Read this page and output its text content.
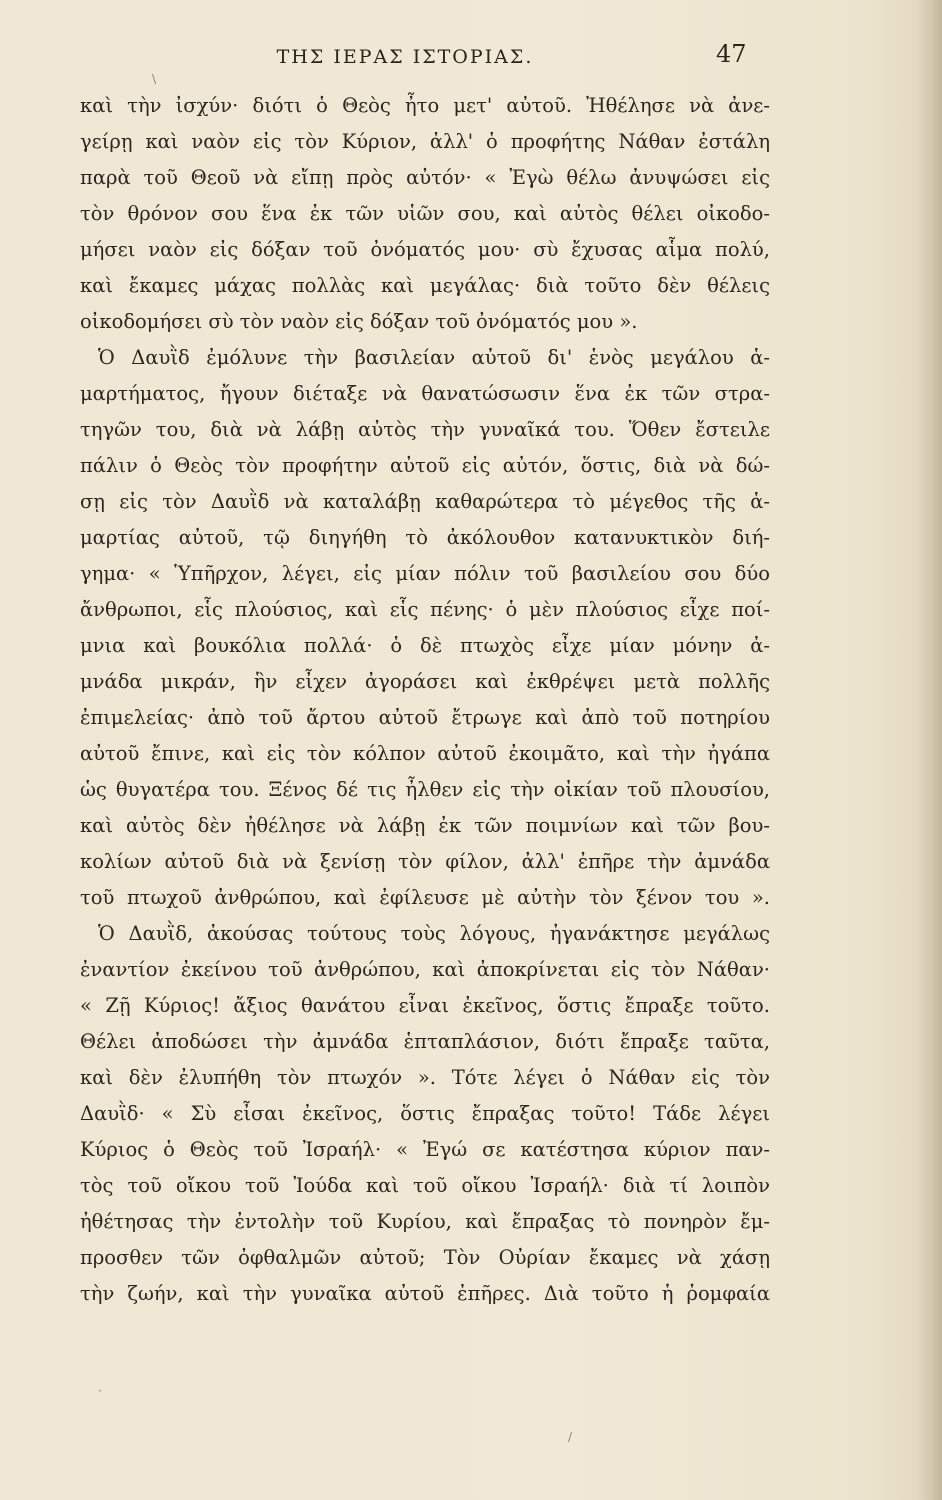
ΤΗΣ ΙΕΡΑΣ ΙΣΤΟΡΙΑΣ.	47
καὶ τὴν ἰσχύν· διότι ὁ Θεὸς ἦτο μετ' αὐτοῦ. Ἠθέλησε νὰ ἀνε-
γείρῃ καὶ ναὸν εἰς τὸν Κύριον, ἀλλ' ὁ προφήτης Νάθαν ἐστάλη
παρὰ τοῦ Θεοῦ νὰ εἴπῃ πρὸς αὐτόν· « Ἐγὼ θέλω ἀνυψώσει εἰς
τὸν θρόνον σου ἕνα ἐκ τῶν υἱῶν σου, καὶ αὐτὸς θέλει οἰκοδο-
μήσει ναὸν εἰς δόξαν τοῦ ὀνόματός μου· σὺ ἔχυσας αἷμα πολύ,
καὶ ἔκαμες μάχας πολλὰς καὶ μεγάλας· διὰ τοῦτο δὲν θέλεις
οἰκοδομήσει σὺ τὸν ναὸν εἰς δόξαν τοῦ ὀνόματός μου ».
Ὁ Δαυῒδ ἐμόλυνε τὴν βασιλείαν αὐτοῦ δι' ἑνὸς μεγάλου ἁ-
μαρτήματος, ἤγουν διέταξε νὰ θανατώσωσιν ἕνα ἐκ τῶν στρα-
τηγῶν του, διὰ νὰ λάβῃ αὐτὸς τὴν γυναῖκά του. Ὅθεν ἔστειλε
πάλιν ὁ Θεὸς τὸν προφήτην αὐτοῦ εἰς αὐτόν, ὅστις, διὰ νὰ δώ-
σῃ εἰς τὸν Δαυῒδ νὰ καταλάβῃ καθαρώτερα τὸ μέγεθος τῆς ἁ-
μαρτίας αὐτοῦ, τῷ διηγήθη τὸ ἀκόλουθον κατανυκτικὸν διή-
γημα· « Ὑπῆρχον, λέγει, εἰς μίαν πόλιν τοῦ βασιλείου σου δύο
ἄνθρωποι, εἷς πλούσιος, καὶ εἷς πένης· ὁ μὲν πλούσιος εἶχε ποί-
μνια καὶ βουκόλια πολλά· ὁ δὲ πτωχὸς εἶχε μίαν μόνην ἀ-
μνάδα μικράν, ἣν εἶχεν ἀγοράσει καὶ ἐκθρέψει μετὰ πολλῆς
ἐπιμελείας· ἀπὸ τοῦ ἄρτου αὐτοῦ ἔτρωγε καὶ ἀπὸ τοῦ ποτηρίου
αὐτοῦ ἔπινε, καὶ εἰς τὸν κόλπον αὐτοῦ ἐκοιμᾶτο, καὶ τὴν ἠγάπα
ὡς θυγατέρα του. Ξένος δέ τις ἦλθεν εἰς τὴν οἰκίαν τοῦ πλουσίου,
καὶ αὐτὸς δὲν ἠθέλησε νὰ λάβῃ ἐκ τῶν ποιμνίων καὶ τῶν βου-
κολίων αὐτοῦ διὰ νὰ ξενίσῃ τὸν φίλον, ἀλλ' ἐπῆρε τὴν ἀμνάδα
τοῦ πτωχοῦ ἀνθρώπου, καὶ ἐφίλευσε μὲ αὐτὴν τὸν ξένον του ».
Ὁ Δαυῒδ, ἀκούσας τούτους τοὺς λόγους, ἠγανάκτησε μεγάλως
ἐναντίον ἐκείνου τοῦ ἀνθρώπου, καὶ ἀποκρίνεται εἰς τὸν Νάθαν·
« Ζῇ Κύριος! ἄξιος θανάτου εἶναι ἐκεῖνος, ὅστις ἔπραξε τοῦτο.
Θέλει ἀποδώσει τὴν ἀμνάδα ἑπταπλάσιον, διότι ἔπραξε ταῦτα,
καὶ δὲν ἐλυπήθη τὸν πτωχόν ». Τότε λέγει ὁ Νάθαν εἰς τὸν
Δαυῒδ· « Σὺ εἶσαι ἐκεῖνος, ὅστις ἔπραξας τοῦτο! Τάδε λέγει
Κύριος ὁ Θεὸς τοῦ Ἰσραήλ· « Ἐγώ σε κατέστησα κύριον παν-
τὸς τοῦ οἴκου τοῦ Ἰούδα καὶ τοῦ οἴκου Ἰσραήλ· διὰ τί λοιπὸν
ἠθέτησας τὴν ἐντολὴν τοῦ Κυρίου, καὶ ἔπραξας τὸ πονηρὸν ἔμ-
προσθεν τῶν ὀφθαλμῶν αὐτοῦ; Τὸν Οὐρίαν ἔκαμες νὰ χάσῃ
τὴν ζωήν, καὶ τὴν γυναῖκα αὐτοῦ ἐπῆρες. Διὰ τοῦτο ἡ ῥομφαία
\
·
/
